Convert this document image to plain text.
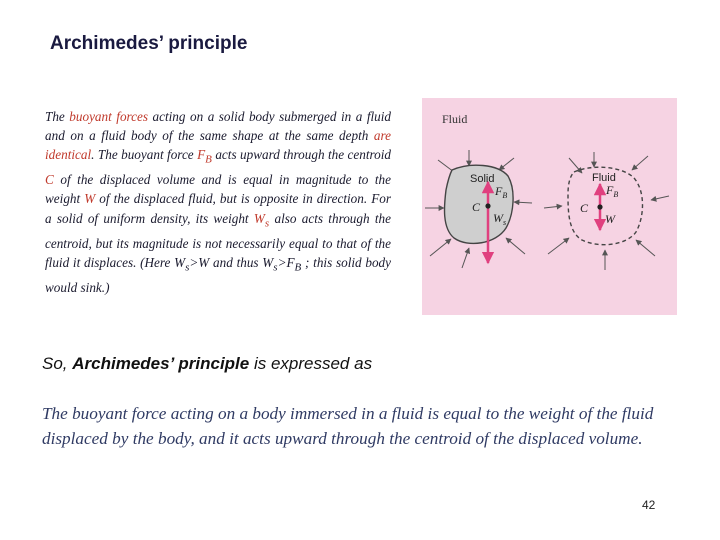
Archimedes’ principle

The buoyant forces acting on a solid body submerged in a fluid and on a fluid body of the same shape at the same depth are identical. The buoyant force $F_B$ acts upward through the centroid C of the displaced volume and is equal in magnitude to the weight W of the displaced fluid, but is opposite in direction. For a solid of uniform density, its weight $W_s$ also acts through the centroid, but its magnitude is not necessarily equal to that of the fluid it displaces. (Here $W_s>W$ and thus $W_s>F_B$ ; this solid body would sink.)

Fluid
Solid
$F_B$
C
$W_s$
Fluid
$F_B$
C
W

So, Archimedes’ principle is expressed as

The buoyant force acting on a body immersed in a fluid is equal to the weight of the fluid displaced by the body, and it acts upward through the centroid of the displaced volume.

42
